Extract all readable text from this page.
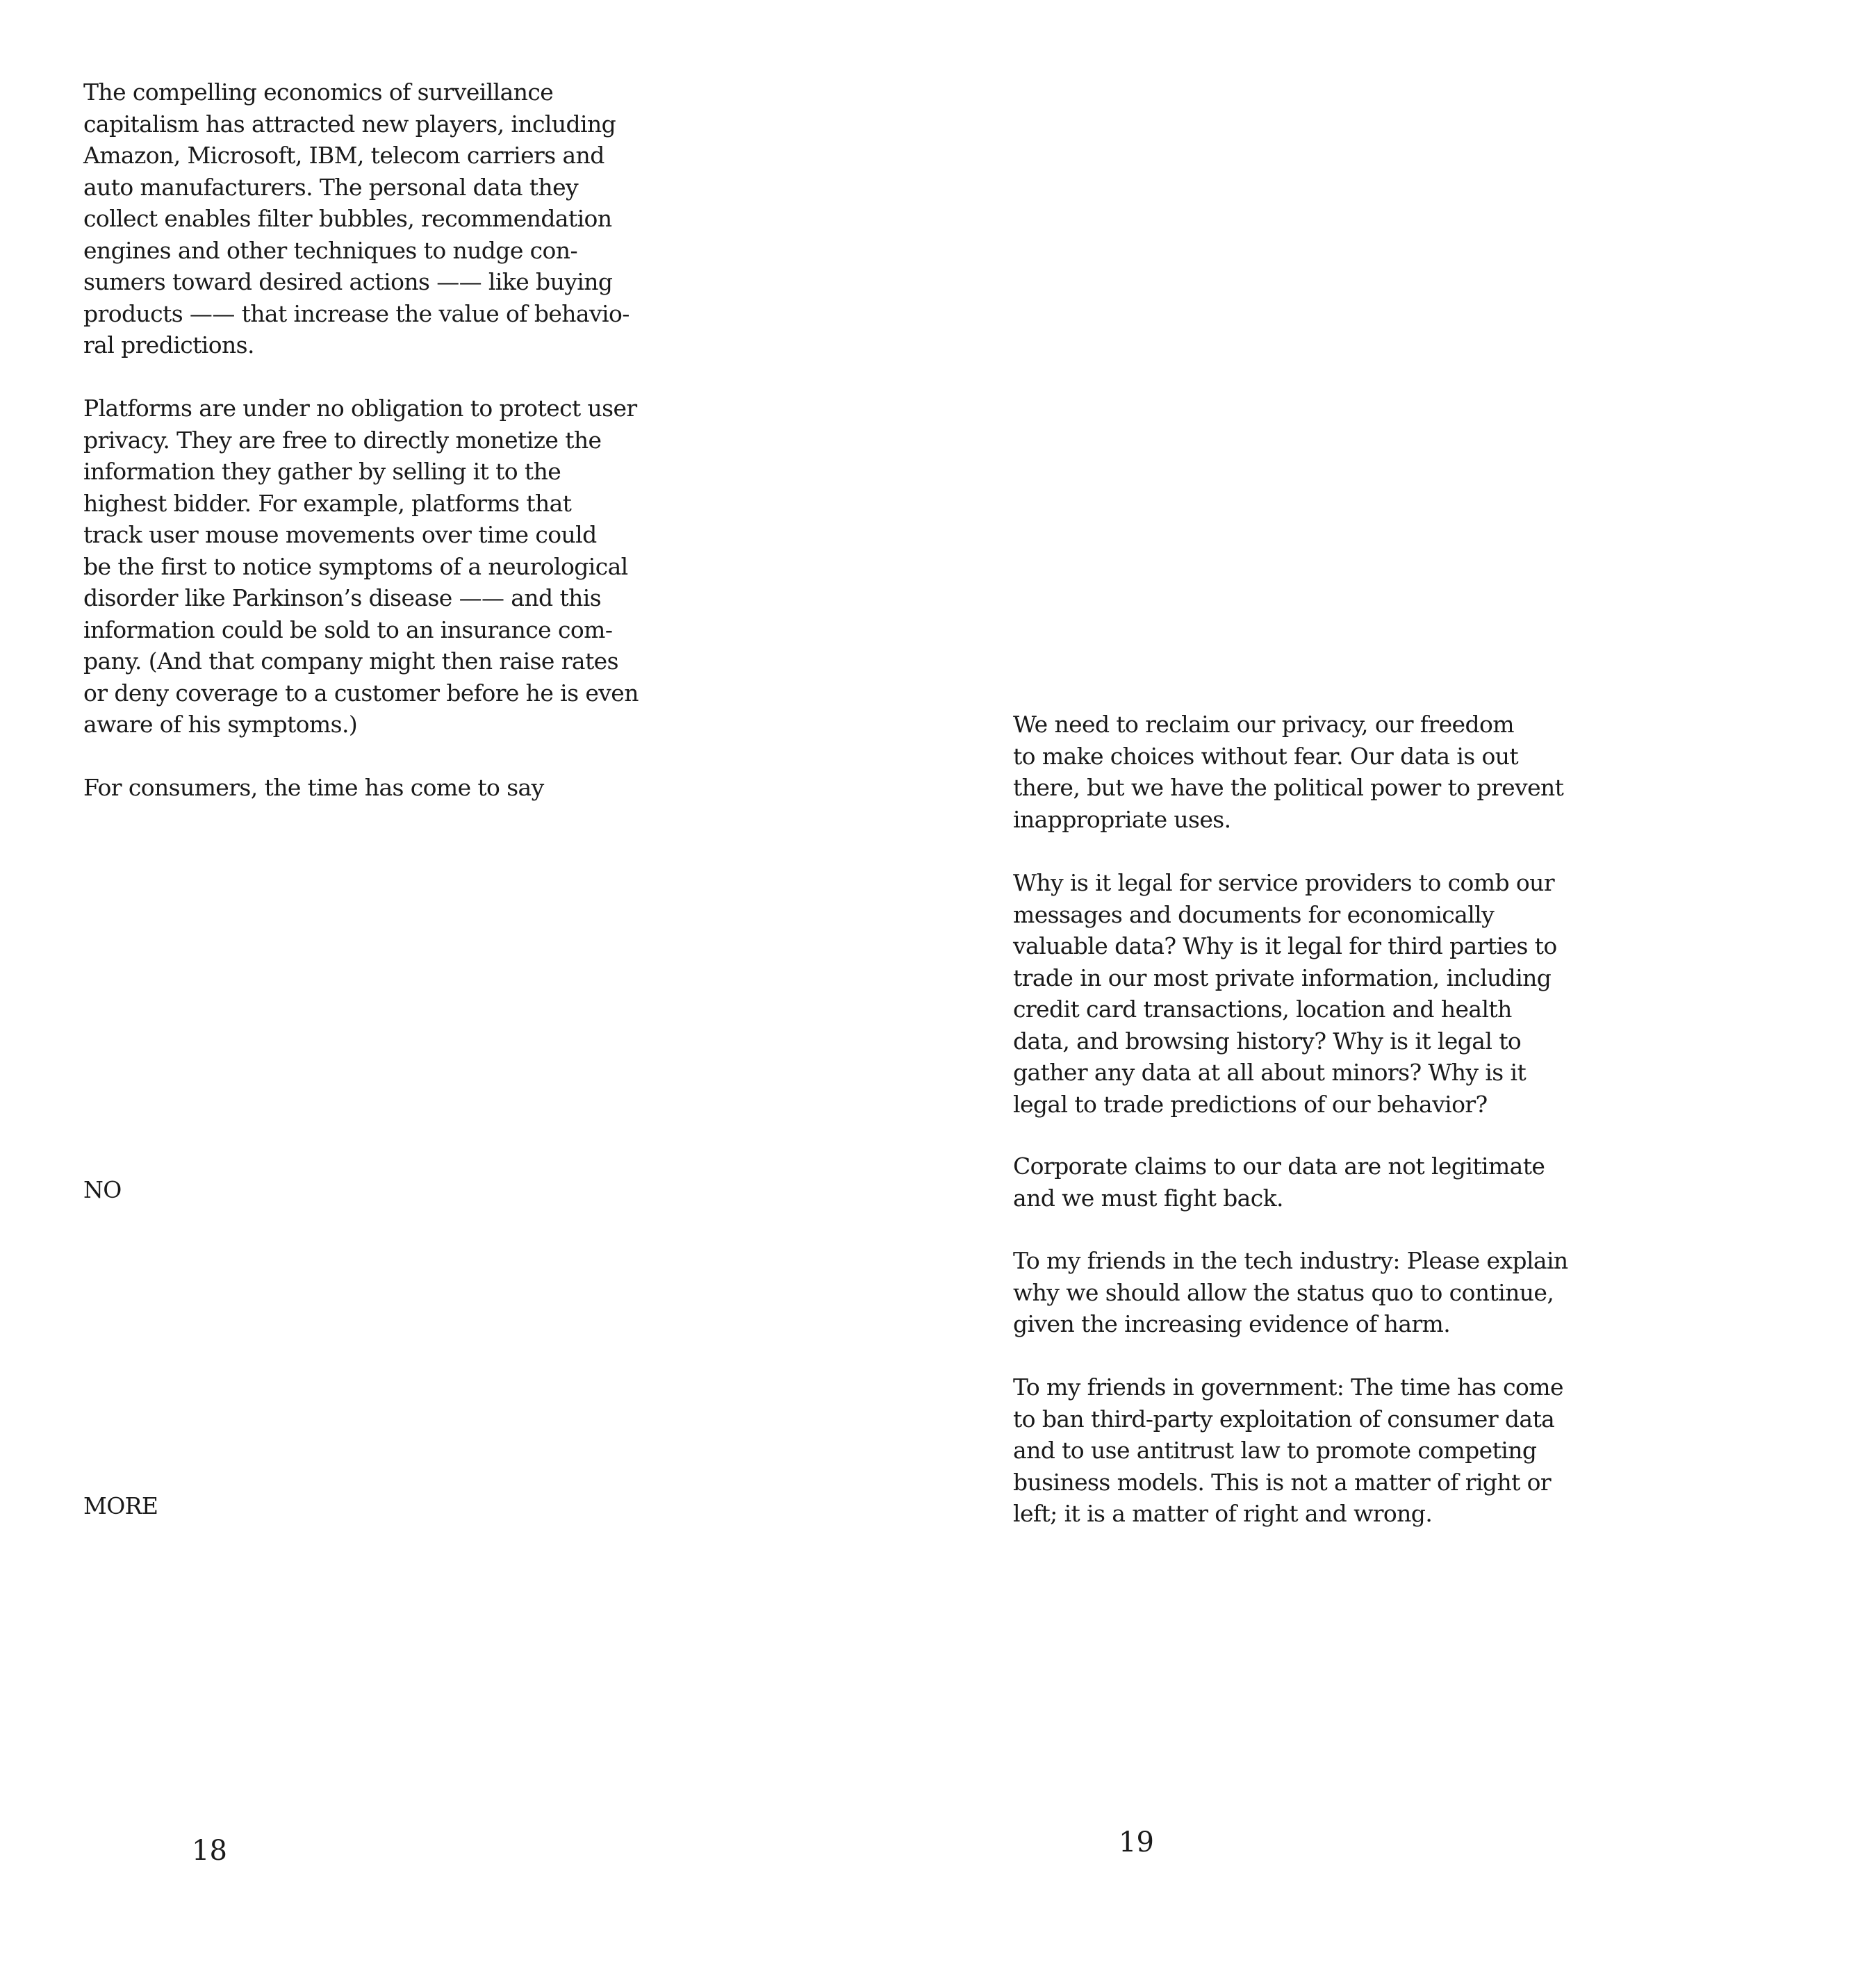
The compelling economics of surveillance
capitalism has attracted new players, including
Amazon, Microsoft, IBM, telecom carriers and
auto manufacturers. The personal data they
collect enables filter bubbles, recommendation
engines and other techniques to nudge con-
sumers toward desired actions —— like buying
products —— that increase the value of behavio-
ral predictions.

Platforms are under no obligation to protect user
privacy. They are free to directly monetize the
information they gather by selling it to the
highest bidder. For example, platforms that
track user mouse movements over time could
be the first to notice symptoms of a neurological
disorder like Parkinson’s disease —— and this
information could be sold to an insurance com-
pany. (And that company might then raise rates
or deny coverage to a customer before he is even
aware of his symptoms.)

For consumers, the time has come to say

NO

MORE

18

We need to reclaim our privacy, our freedom
to make choices without fear. Our data is out
there, but we have the political power to prevent
inappropriate uses.

Why is it legal for service providers to comb our
messages and documents for economically
valuable data? Why is it legal for third parties to
trade in our most private information, including
credit card transactions, location and health
data, and browsing history? Why is it legal to
gather any data at all about minors? Why is it
legal to trade predictions of our behavior?

Corporate claims to our data are not legitimate
and we must fight back.

To my friends in the tech industry: Please explain
why we should allow the status quo to continue,
given the increasing evidence of harm.

To my friends in government: The time has come
to ban third-party exploitation of consumer data
and to use antitrust law to promote competing
business models. This is not a matter of right or
left; it is a matter of right and wrong.

19
